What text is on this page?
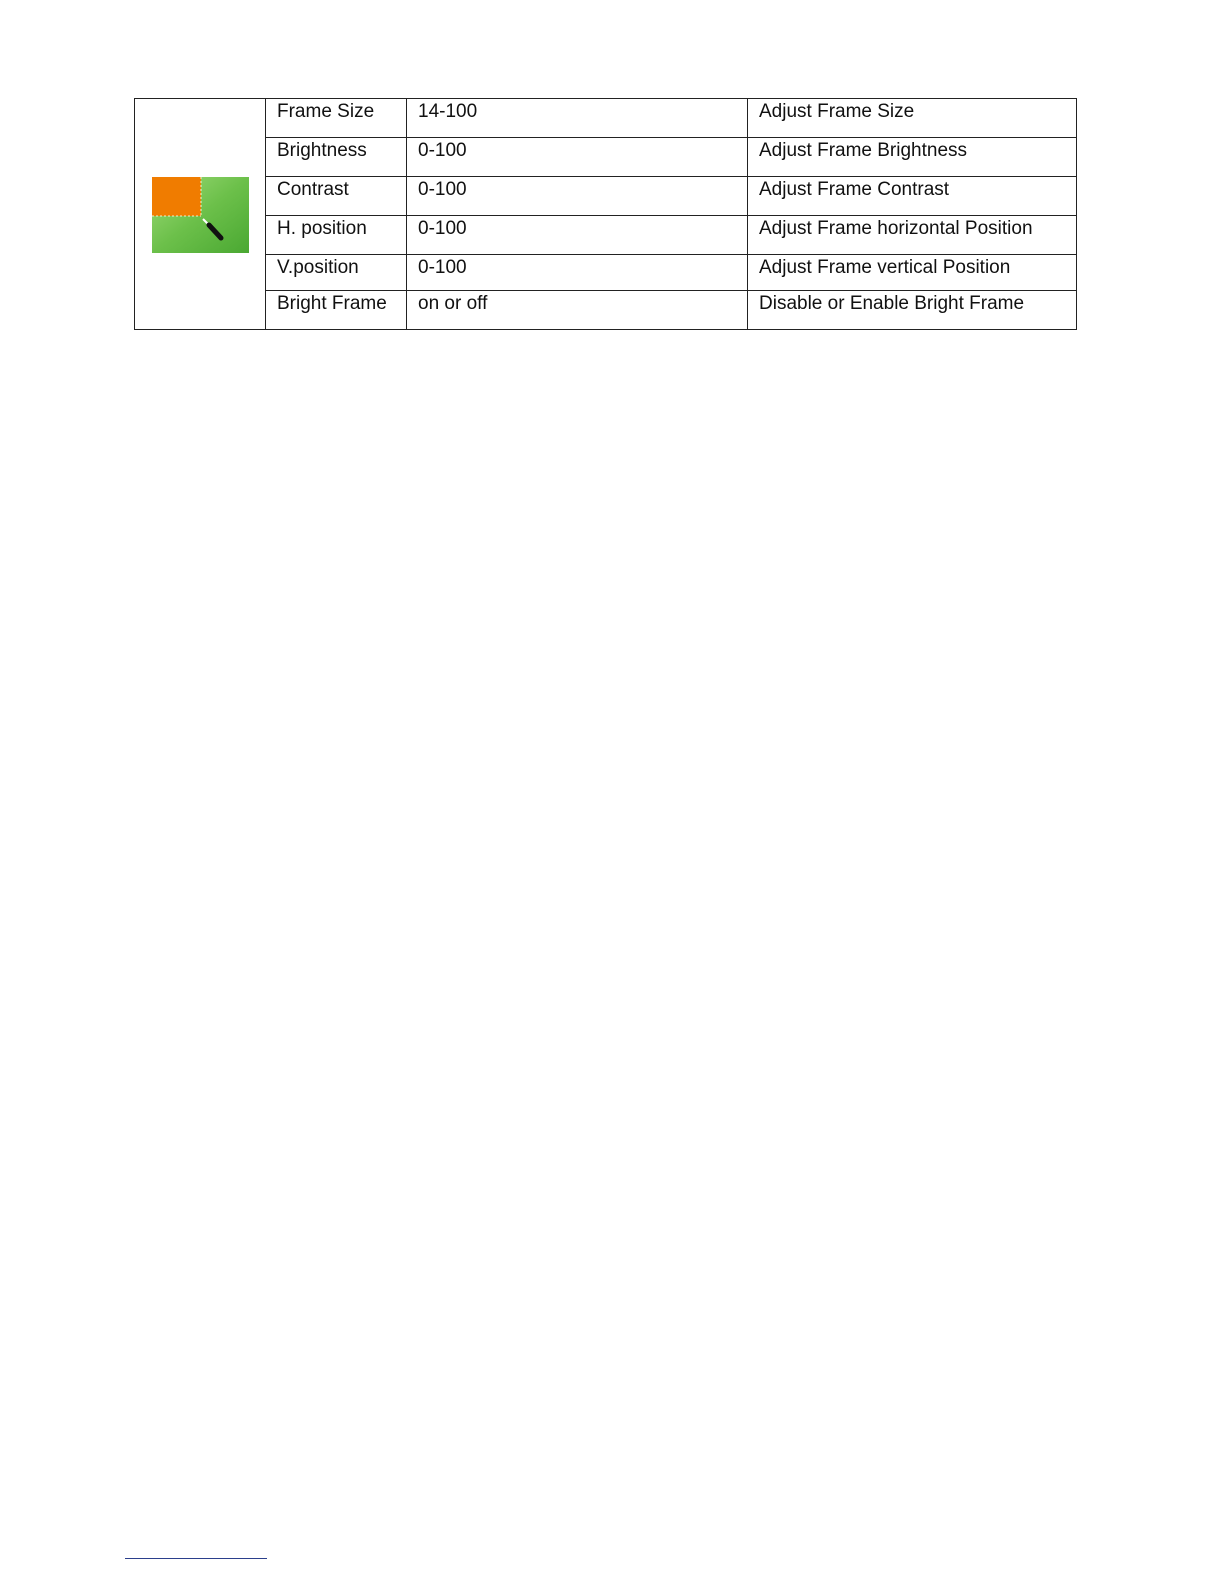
	Frame Size	14-100	Adjust Frame Size
	Brightness	0-100	Adjust Frame Brightness
	Contrast	0-100	Adjust Frame Contrast
	H. position	0-100	Adjust Frame horizontal Position
	V.position	0-100	Adjust Frame vertical Position
	Bright Frame	on or off	Disable or Enable Bright Frame
